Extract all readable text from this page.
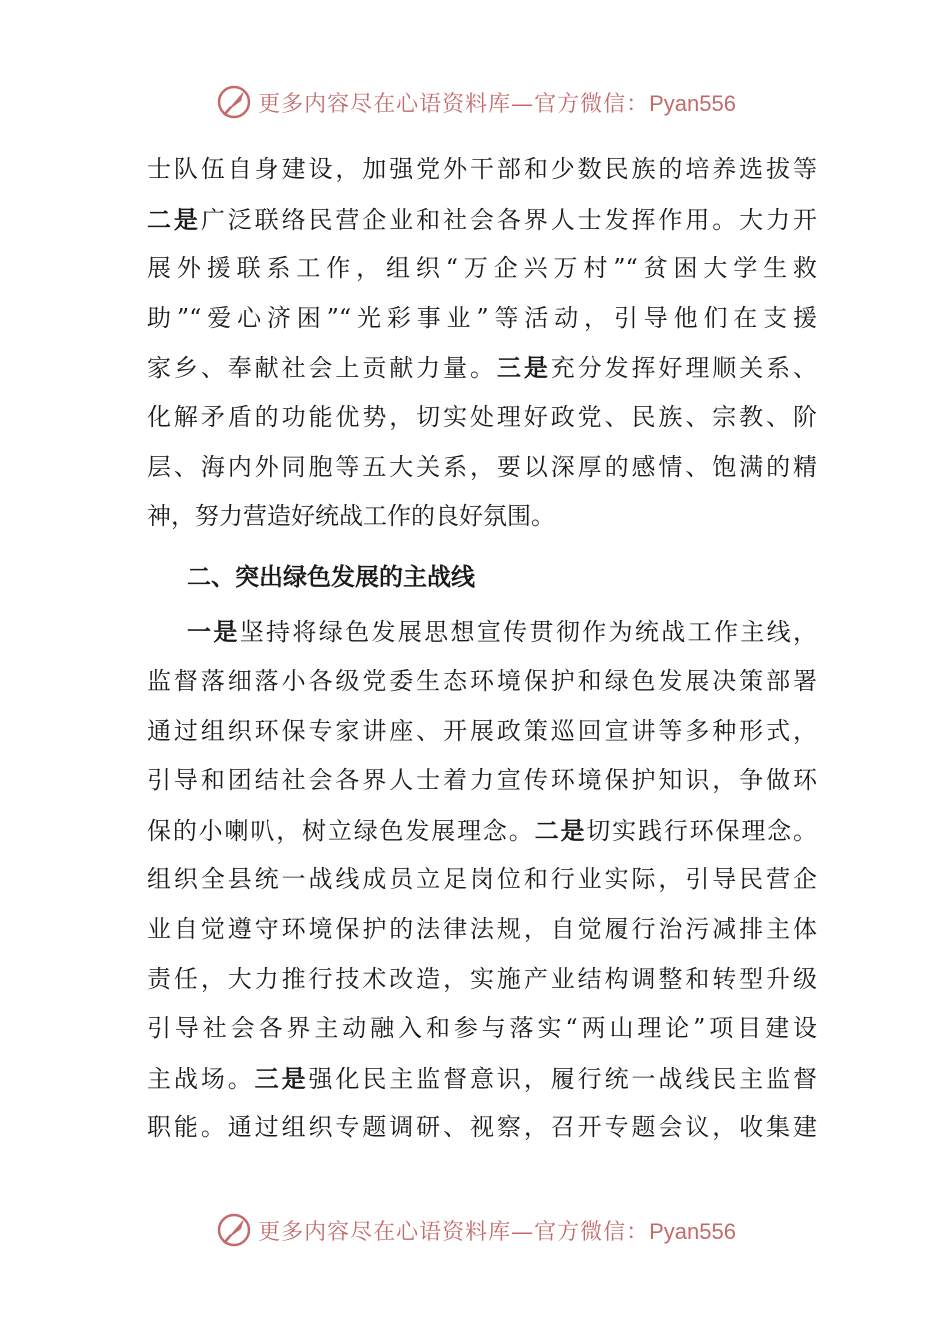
更多内容尽在心语资料库—官方微信：Pyan556
士队伍自身建设，加强党外干部和少数民族的培养选拔等
二是广泛联络民营企业和社会各界人士发挥作用。大力开
展外援联系工作，组织“万企兴万村”“贫困大学生救
助”“爱心济困”“光彩事业”等活动，引导他们在支援
家乡、奉献社会上贡献力量。三是充分发挥好理顺关系、
化解矛盾的功能优势，切实处理好政党、民族、宗教、阶
层、海内外同胞等五大关系，要以深厚的感情、饱满的精
神，努力营造好统战工作的良好氛围。
二、突出绿色发展的主战线
一是坚持将绿色发展思想宣传贯彻作为统战工作主线，
监督落细落小各级党委生态环境保护和绿色发展决策部署
通过组织环保专家讲座、开展政策巡回宣讲等多种形式，
引导和团结社会各界人士着力宣传环境保护知识，争做环
保的小喇叭，树立绿色发展理念。二是切实践行环保理念。
组织全县统一战线成员立足岗位和行业实际，引导民营企
业自觉遵守环境保护的法律法规，自觉履行治污减排主体
责任，大力推行技术改造，实施产业结构调整和转型升级
引导社会各界主动融入和参与落实“两山理论”项目建设
主战场。三是强化民主监督意识，履行统一战线民主监督
职能。通过组织专题调研、视察，召开专题会议，收集建
更多内容尽在心语资料库—官方微信：Pyan556
